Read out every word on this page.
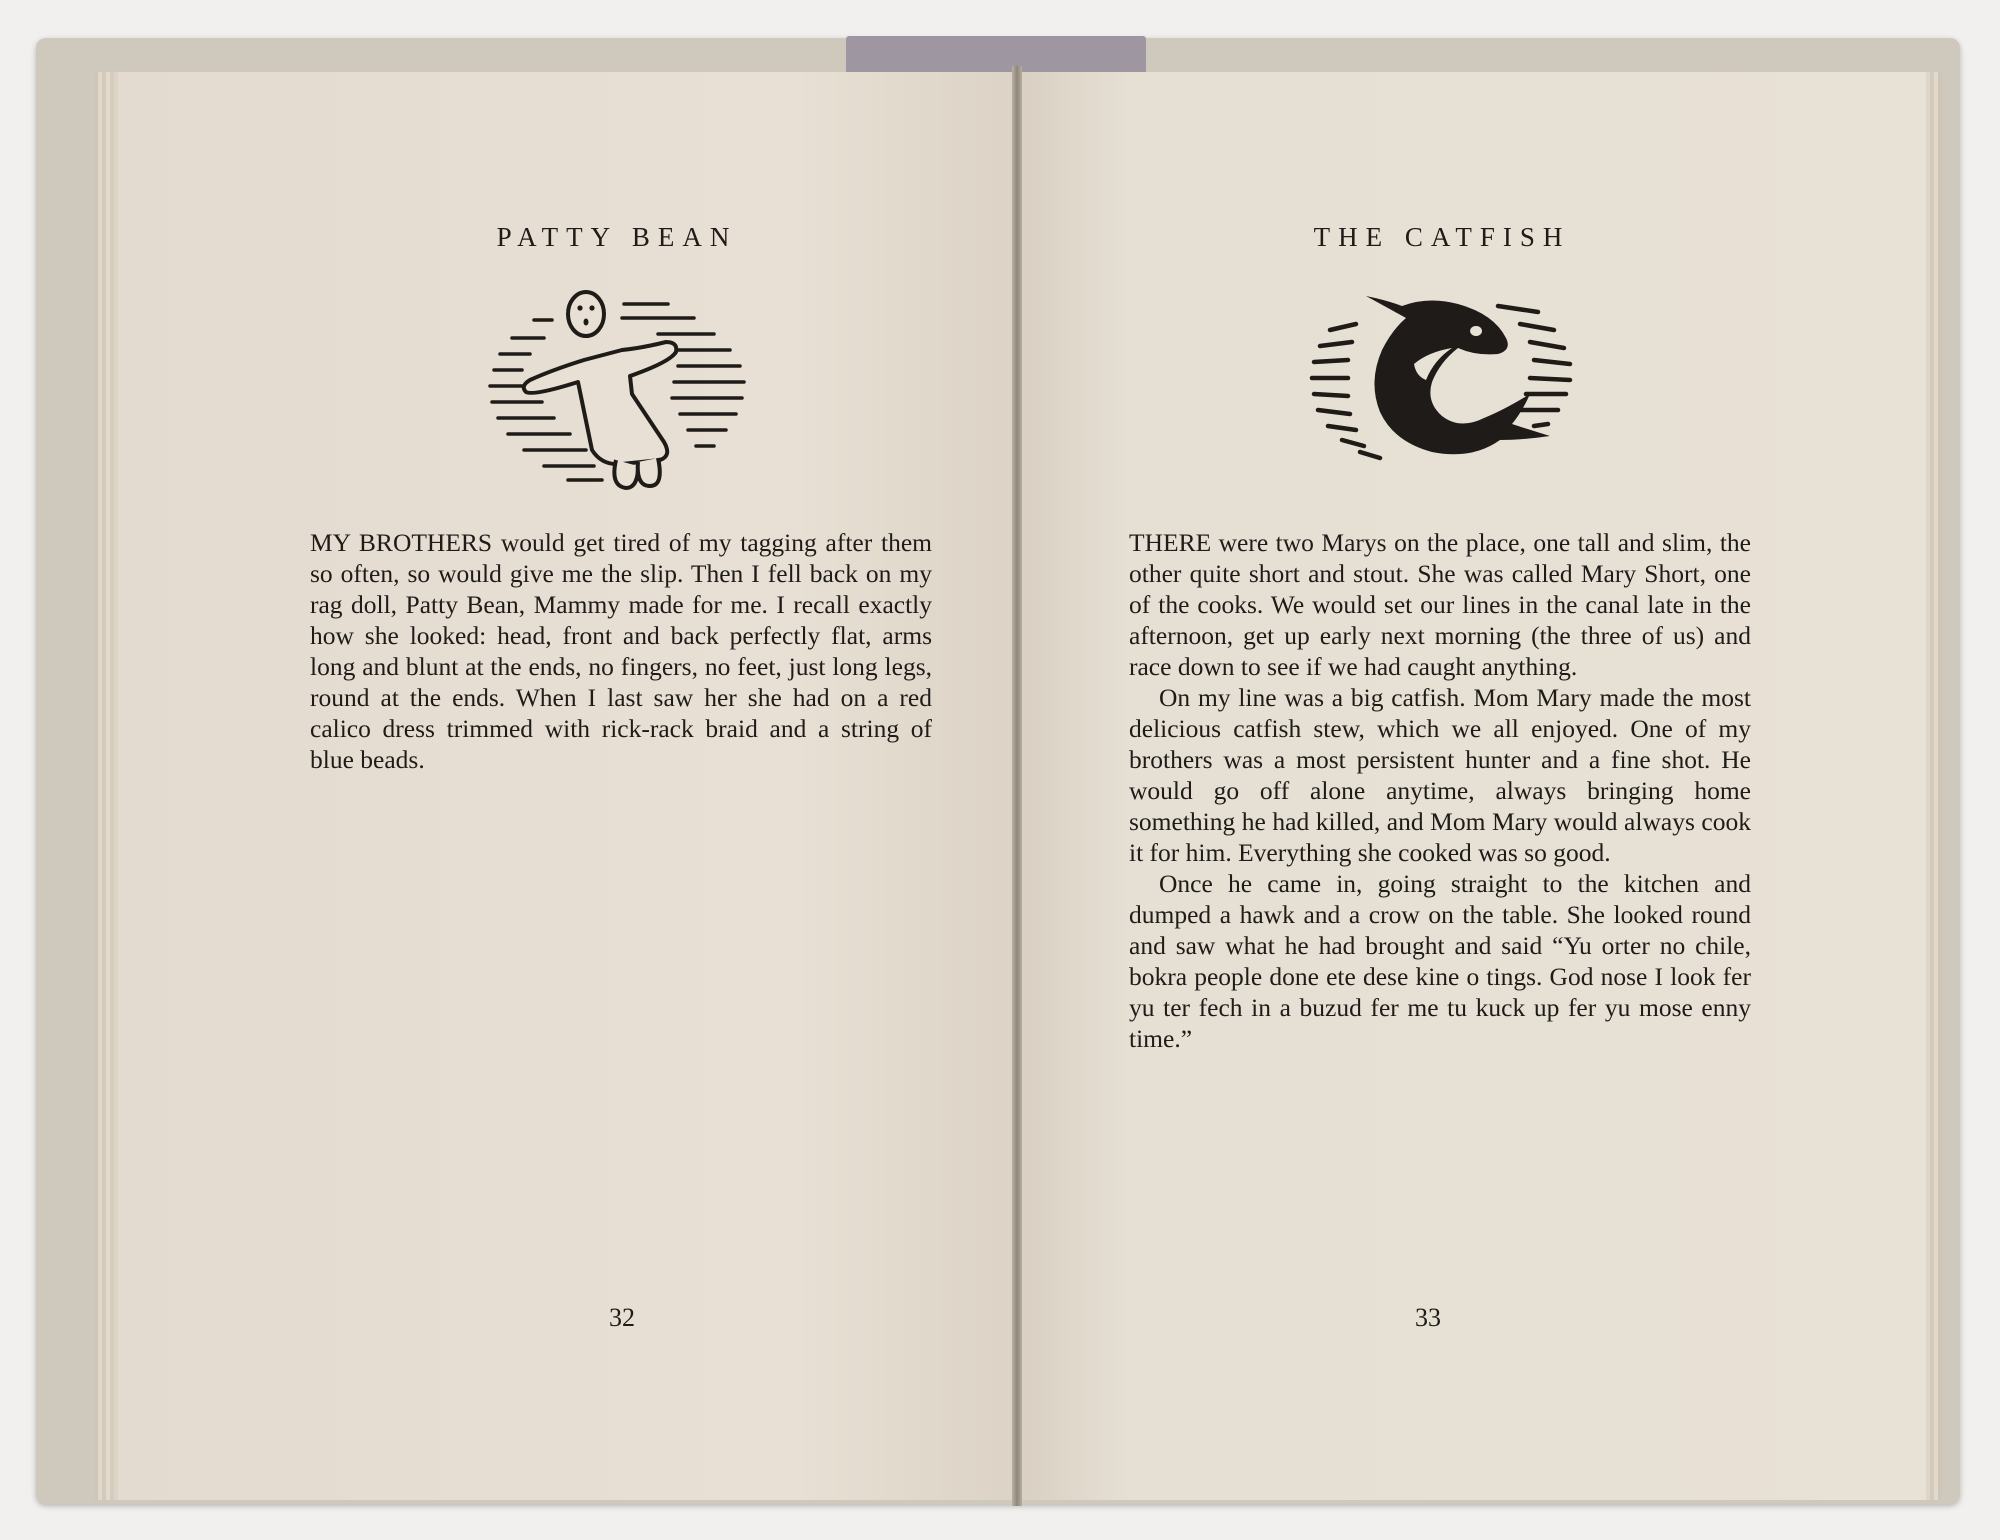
PATTY BEAN

MY BROTHERS would get tired of my tagging after them so often, so would give me the slip. Then I fell back on my rag doll, Patty Bean, Mammy made for me. I recall exactly how she looked: head, front and back perfectly flat, arms long and blunt at the ends, no fingers, no feet, just long legs, round at the ends. When I last saw her she had on a red calico dress trimmed with rick-rack braid and a string of blue beads.

32
THE CATFISH

THERE were two Marys on the place, one tall and slim, the other quite short and stout. She was called Mary Short, one of the cooks. We would set our lines in the canal late in the afternoon, get up early next morning (the three of us) and race down to see if we had caught anything.

On my line was a big catfish. Mom Mary made the most delicious catfish stew, which we all enjoyed. One of my brothers was a most persistent hunter and a fine shot. He would go off alone anytime, always bringing home something he had killed, and Mom Mary would always cook it for him. Everything she cooked was so good.

Once he came in, going straight to the kitchen and dumped a hawk and a crow on the table. She looked round and saw what he had brought and said “Yu orter no chile, bokra people done ete dese kine o tings. God nose I look fer yu ter fech in a buzud fer me tu kuck up fer yu mose enny time.”

33
